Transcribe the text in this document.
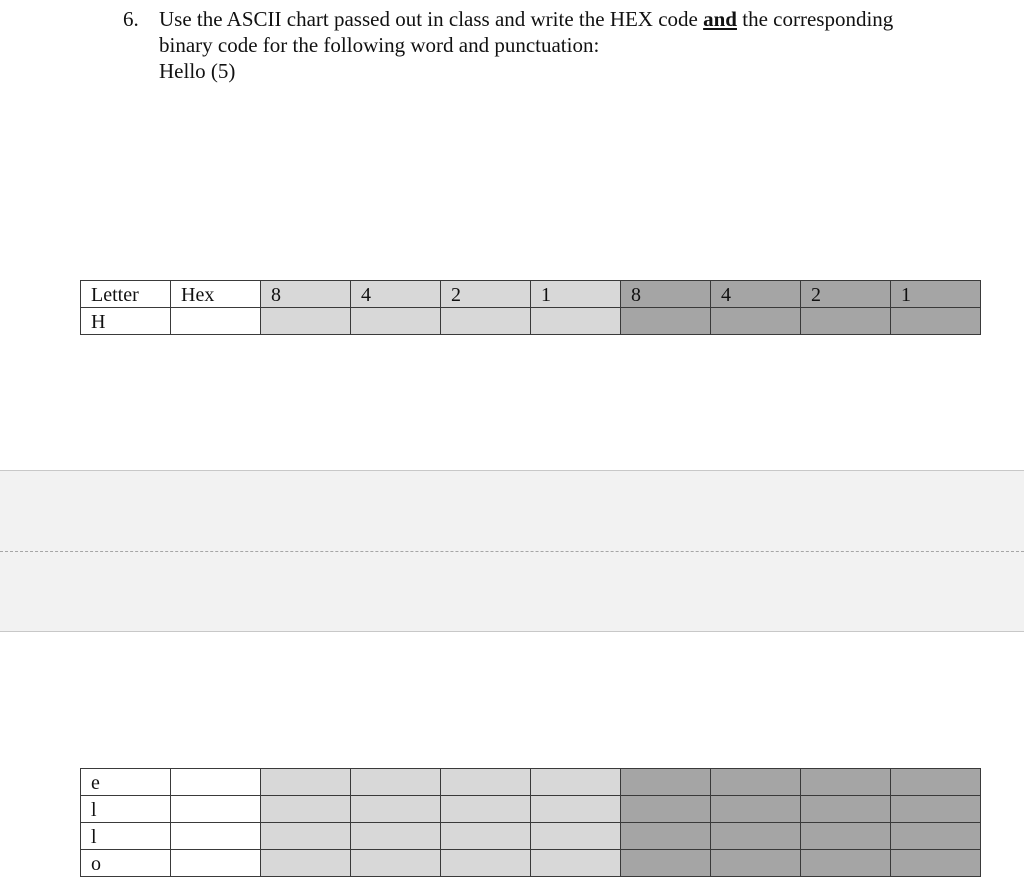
6. Use the ASCII chart passed out in class and write the HEX code and the corresponding
binary code for the following word and punctuation:
Hello (5)
Letter	Hex	8	4	2	1	8	4	2	1
H									
e									
l									
l									
o									
